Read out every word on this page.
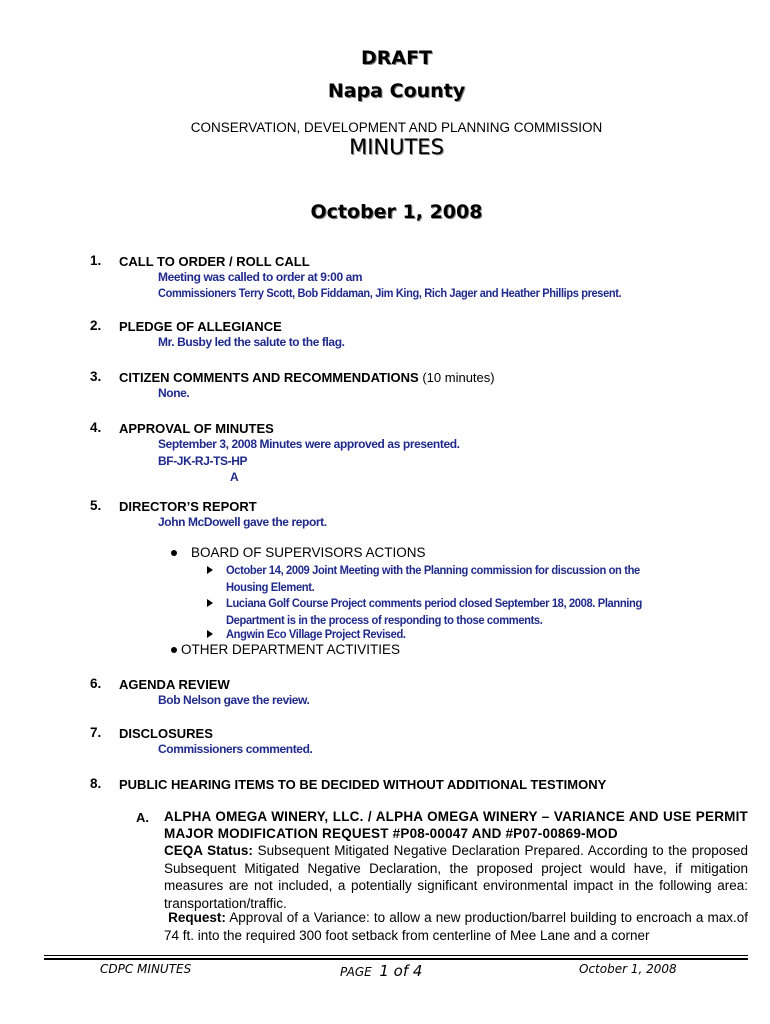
DRAFT
Napa County
CONSERVATION, DEVELOPMENT AND PLANNING COMMISSION
MINUTES
October 1, 2008
1. CALL TO ORDER / ROLL CALL
Meeting was called to order at 9:00 am
Commissioners Terry Scott, Bob Fiddaman, Jim King, Rich Jager and Heather Phillips present.
2. PLEDGE OF ALLEGIANCE
Mr. Busby led the salute to the flag.
3. CITIZEN COMMENTS AND RECOMMENDATIONS (10 minutes)
None.
4. APPROVAL OF MINUTES
September 3, 2008 Minutes were approved as presented.
BF-JK-RJ-TS-HP
A
5. DIRECTOR’S REPORT
John McDowell gave the report.
BOARD OF SUPERVISORS ACTIONS
October 14, 2009 Joint Meeting with the Planning commission for discussion on the Housing Element.
Luciana Golf Course Project comments period closed September 18, 2008. Planning Department is in the process of responding to those comments.
Angwin Eco Village Project Revised.
OTHER DEPARTMENT ACTIVITIES
6. AGENDA REVIEW
Bob Nelson gave the review.
7. DISCLOSURES
Commissioners commented.
8. PUBLIC HEARING ITEMS TO BE DECIDED WITHOUT ADDITIONAL TESTIMONY
A. ALPHA OMEGA WINERY, LLC. / ALPHA OMEGA WINERY – VARIANCE AND USE PERMIT MAJOR MODIFICATION REQUEST #P08-00047 AND #P07-00869-MOD
CEQA Status: Subsequent Mitigated Negative Declaration Prepared. According to the proposed Subsequent Mitigated Negative Declaration, the proposed project would have, if mitigation measures are not included, a potentially significant environmental impact in the following area: transportation/traffic.
Request: Approval of a Variance: to allow a new production/barrel building to encroach a max.of 74 ft. into the required 300 foot setback from centerline of Mee Lane and a corner
CDPC MINUTES	PAGE 1 of 4	October 1, 2008
